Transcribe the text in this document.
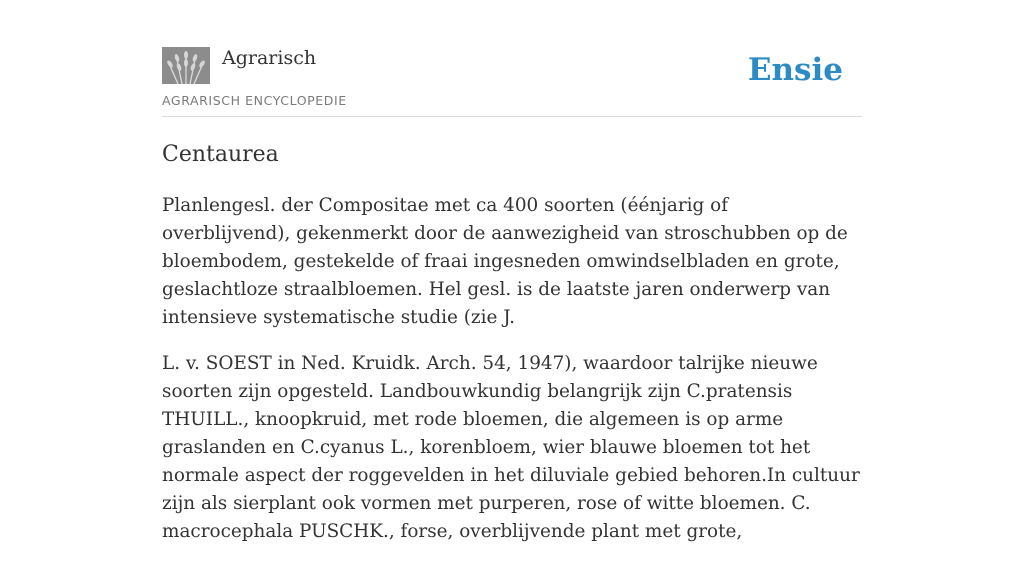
Agrarisch
AGRARISCH ENCYCLOPEDIE
Ensie
Centaurea

Planlengesl. der Compositae met ca 400 soorten (éénjarig of overblijvend), gekenmerkt door de aanwezigheid van stroschubben op de bloembodem, gestekelde of fraai ingesneden omwindselbladen en grote, geslachtloze straalbloemen. Hel gesl. is de laatste jaren onderwerp van intensieve systematische studie (zie J.

L. v. SOEST in Ned. Kruidk. Arch. 54, 1947), waardoor talrijke nieuwe soorten zijn opgesteld. Landbouwkundig belangrijk zijn C.pratensis THUILL., knoopkruid, met rode bloemen, die algemeen is op arme graslanden en C.cyanus L., korenbloem, wier blauwe bloemen tot het normale aspect der roggevelden in het diluviale gebied behoren.In cultuur zijn als sierplant ook vormen met purperen, rose of witte bloemen. C. macrocephala PUSCHK., forse, overblijvende plant met grote,
